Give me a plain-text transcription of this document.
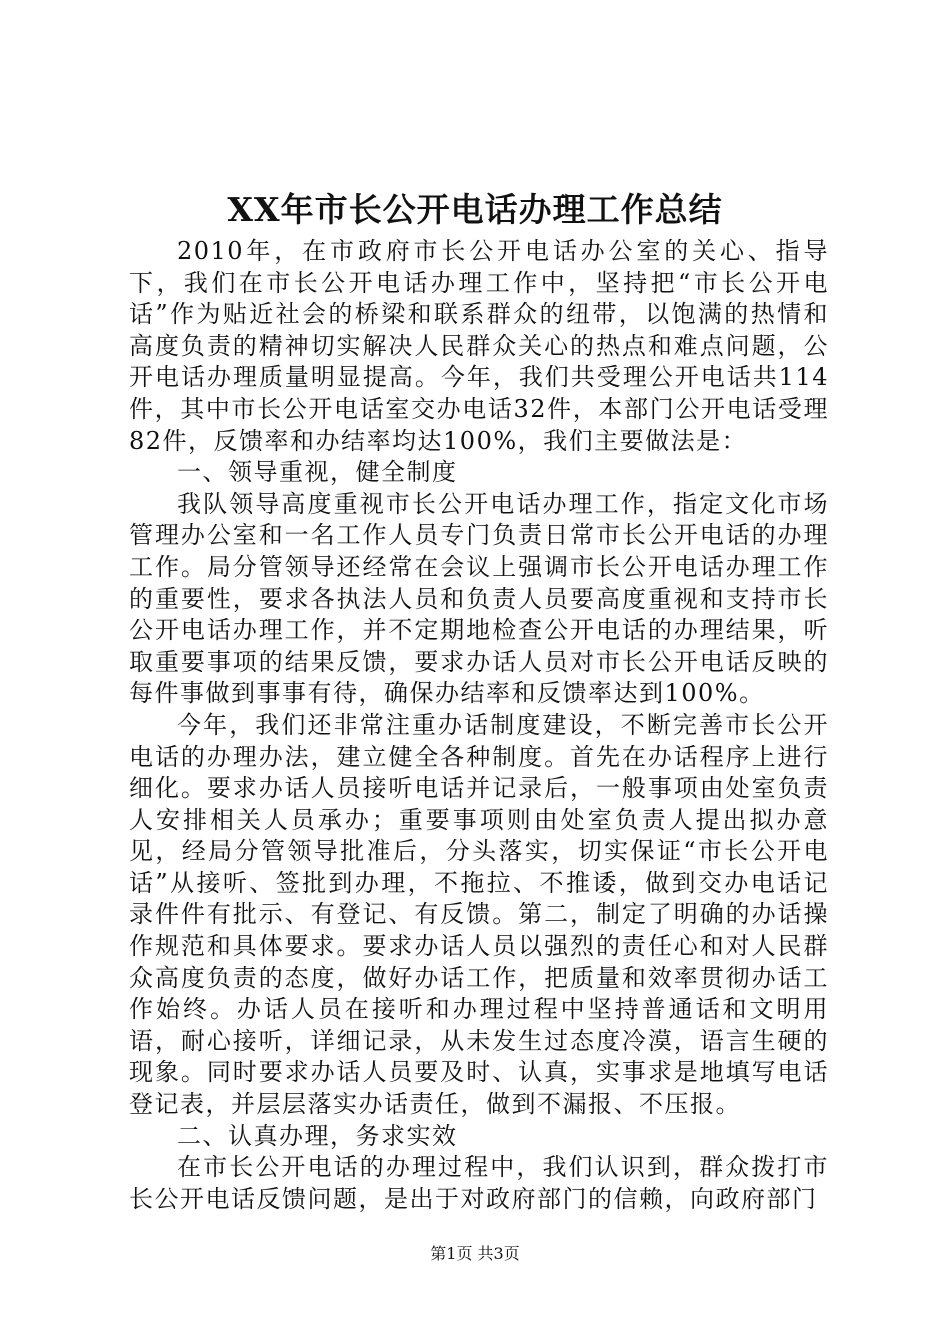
XX年市长公开电话办理工作总结

2010年，在市政府市长公开电话办公室的关心、指导下，我们在市长公开电话办理工作中，坚持把“市长公开电话”作为贴近社会的桥梁和联系群众的纽带，以饱满的热情和高度负责的精神切实解决人民群众关心的热点和难点问题，公开电话办理质量明显提高。今年，我们共受理公开电话共114件，其中市长公开电话室交办电话32件，本部门公开电话受理82件，反馈率和办结率均达100%，我们主要做法是：

一、领导重视，健全制度

我队领导高度重视市长公开电话办理工作，指定文化市场管理办公室和一名工作人员专门负责日常市长公开电话的办理工作。局分管领导还经常在会议上强调市长公开电话办理工作的重要性，要求各执法人员和负责人员要高度重视和支持市长公开电话办理工作，并不定期地检查公开电话的办理结果，听取重要事项的结果反馈，要求办话人员对市长公开电话反映的每件事做到事事有待，确保办结率和反馈率达到100%。

今年，我们还非常注重办话制度建设，不断完善市长公开电话的办理办法，建立健全各种制度。首先在办话程序上进行细化。要求办话人员接听电话并记录后，一般事项由处室负责人安排相关人员承办；重要事项则由处室负责人提出拟办意见，经局分管领导批准后，分头落实，切实保证“市长公开电话”从接听、签批到办理，不拖拉、不推诿，做到交办电话记录件件有批示、有登记、有反馈。第二，制定了明确的办话操作规范和具体要求。要求办话人员以强烈的责任心和对人民群众高度负责的态度，做好办话工作，把质量和效率贯彻办话工作始终。办话人员在接听和办理过程中坚持普通话和文明用语，耐心接听，详细记录，从未发生过态度冷漠，语言生硬的现象。同时要求办话人员要及时、认真，实事求是地填写电话登记表，并层层落实办话责任，做到不漏报、不压报。

二、认真办理，务求实效

在市长公开电话的办理过程中，我们认识到，群众拨打市长公开电话反馈问题，是出于对政府部门的信赖，向政府部门

第1页 共3页
